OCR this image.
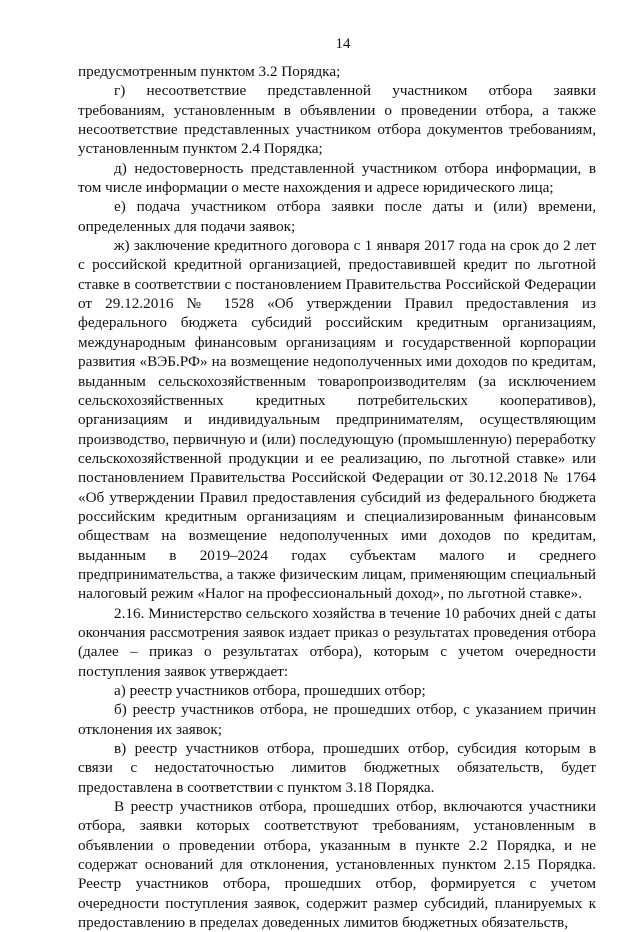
14

предусмотренным пунктом 3.2 Порядка;

г) несоответствие представленной участником отбора заявки требованиям, установленным в объявлении о проведении отбора, а также несоответствие представленных участником отбора документов требованиям, установленным пунктом 2.4 Порядка;

д) недостоверность представленной участником отбора информации, в том числе информации о месте нахождения и адресе юридического лица;

е) подача участником отбора заявки после даты и (или) времени, определенных для подачи заявок;

ж) заключение кредитного договора с 1 января 2017 года на срок до 2 лет с российской кредитной организацией, предоставившей кредит по льготной ставке в соответствии с постановлением Правительства Российской Федерации от 29.12.2016 № 1528 «Об утверждении Правил предоставления из федерального бюджета субсидий российским кредитным организациям, международным финансовым организациям и государственной корпорации развития «ВЭБ.РФ» на возмещение недополученных ими доходов по кредитам, выданным сельскохозяйственным товаропроизводителям (за исключением сельскохозяйственных кредитных потребительских кооперативов), организациям и индивидуальным предпринимателям, осуществляющим производство, первичную и (или) последующую (промышленную) переработку сельскохозяйственной продукции и ее реализацию, по льготной ставке» или постановлением Правительства Российской Федерации от 30.12.2018 № 1764 «Об утверждении Правил предоставления субсидий из федерального бюджета российским кредитным организациям и специализированным финансовым обществам на возмещение недополученных ими доходов по кредитам, выданным в 2019–2024 годах субъектам малого и среднего предпринимательства, а также физическим лицам, применяющим специальный налоговый режим «Налог на профессиональный доход», по льготной ставке».

2.16. Министерство сельского хозяйства в течение 10 рабочих дней с даты окончания рассмотрения заявок издает приказ о результатах проведения отбора (далее – приказ о результатах отбора), которым с учетом очередности поступления заявок утверждает:

а) реестр участников отбора, прошедших отбор;

б) реестр участников отбора, не прошедших отбор, с указанием причин отклонения их заявок;

в) реестр участников отбора, прошедших отбор, субсидия которым в связи с недостаточностью лимитов бюджетных обязательств, будет предоставлена в соответствии с пунктом 3.18 Порядка.

В реестр участников отбора, прошедших отбор, включаются участники отбора, заявки которых соответствуют требованиям, установленным в объявлении о проведении отбора, указанным в пункте 2.2 Порядка, и не содержат оснований для отклонения, установленных пунктом 2.15 Порядка. Реестр участников отбора, прошедших отбор, формируется с учетом очередности поступления заявок, содержит размер субсидий, планируемых к предоставлению в пределах доведенных лимитов бюджетных обязательств,
